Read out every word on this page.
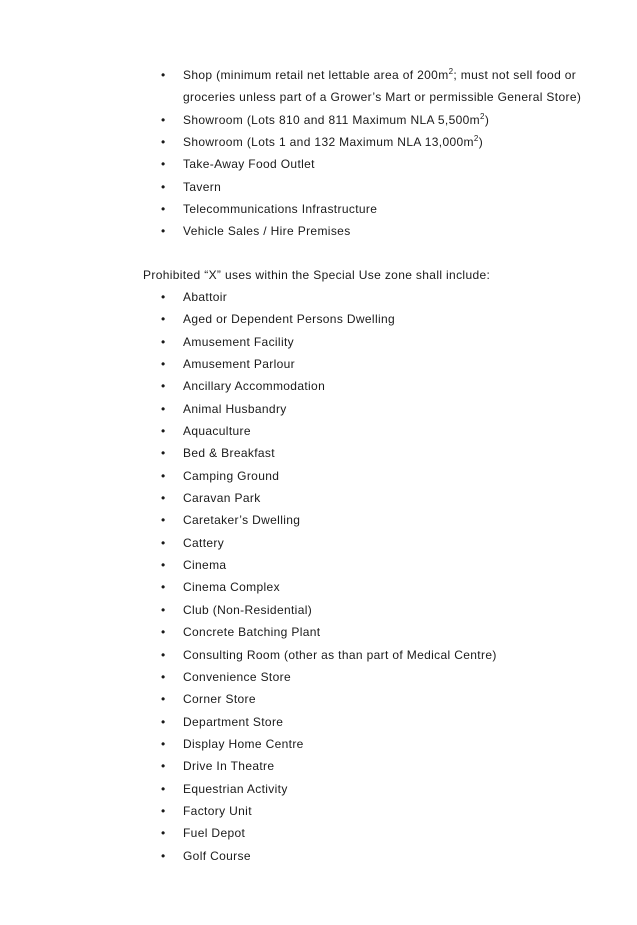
• Shop (minimum retail net lettable area of $200m^2$; must not sell food or groceries unless part of a Grower’s Mart or permissible General Store)
• Showroom (Lots 810 and 811 Maximum NLA $5,500m^2$)
• Showroom (Lots 1 and 132 Maximum NLA $13,000m^2$)
• Take-Away Food Outlet
• Tavern
• Telecommunications Infrastructure
• Vehicle Sales / Hire Premises
Prohibited “X” uses within the Special Use zone shall include:
• Abattoir
• Aged or Dependent Persons Dwelling
• Amusement Facility
• Amusement Parlour
• Ancillary Accommodation
• Animal Husbandry
• Aquaculture
• Bed & Breakfast
• Camping Ground
• Caravan Park
• Caretaker’s Dwelling
• Cattery
• Cinema
• Cinema Complex
• Club (Non-Residential)
• Concrete Batching Plant
• Consulting Room (other as than part of Medical Centre)
• Convenience Store
• Corner Store
• Department Store
• Display Home Centre
• Drive In Theatre
• Equestrian Activity
• Factory Unit
• Fuel Depot
• Golf Course
